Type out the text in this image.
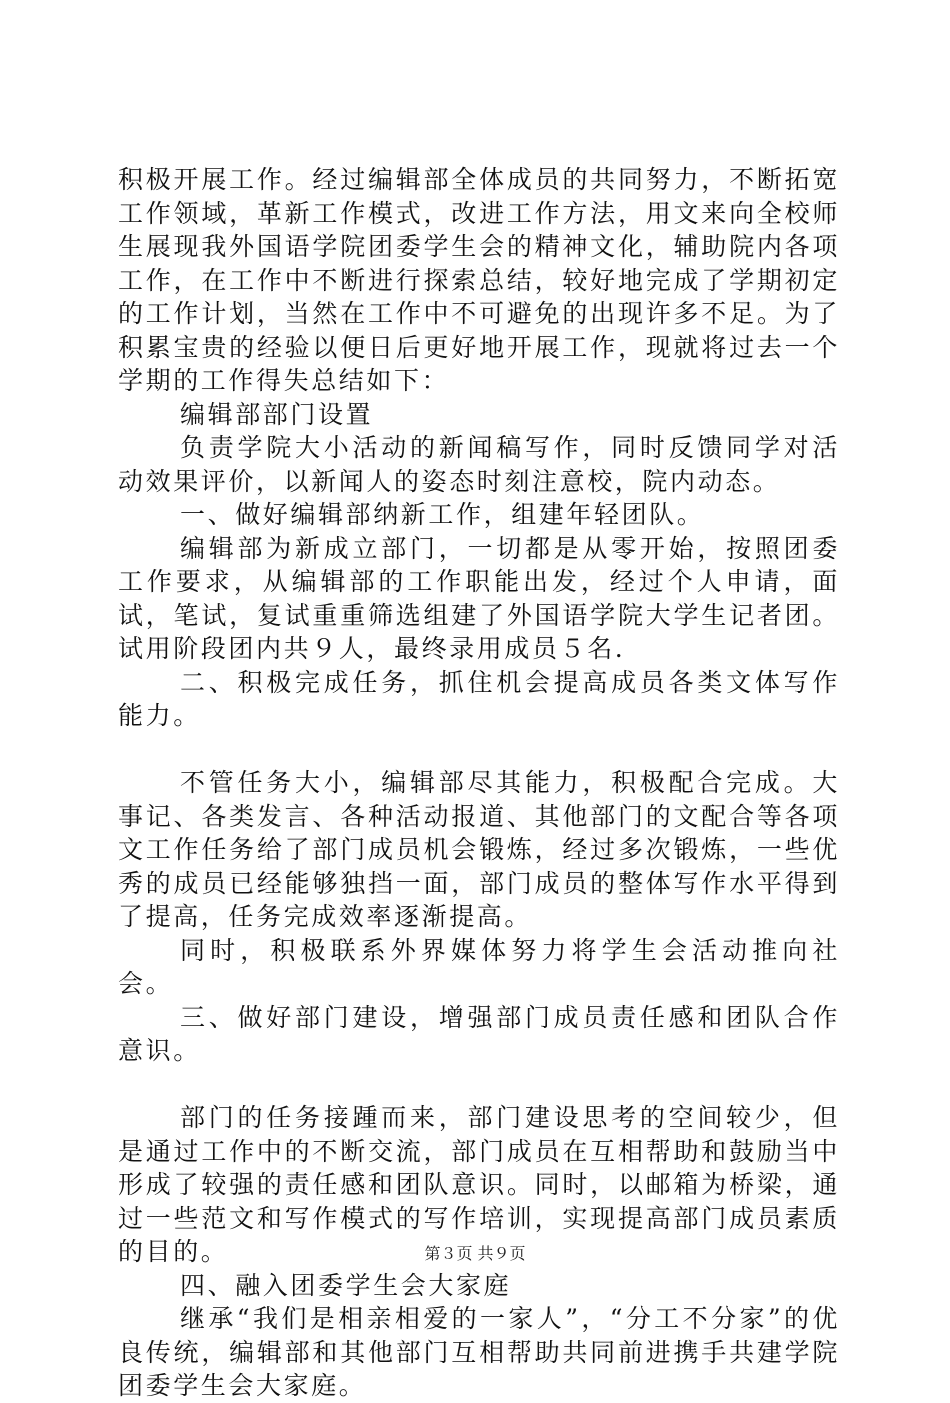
积极开展工作。经过编辑部全体成员的共同努力，不断拓宽工作领域，革新工作模式，改进工作方法，用文来向全校师生展现我外国语学院团委学生会的精神文化，辅助院内各项工作，在工作中不断进行探索总结，较好地完成了学期初定的工作计划，当然在工作中不可避免的出现许多不足。为了积累宝贵的经验以便日后更好地开展工作，现就将过去一个学期的工作得失总结如下：

编辑部部门设置

负责学院大小活动的新闻稿写作，同时反馈同学对活动效果评价，以新闻人的姿态时刻注意校，院内动态。

一、做好编辑部纳新工作，组建年轻团队。

编辑部为新成立部门，一切都是从零开始，按照团委工作要求，从编辑部的工作职能出发，经过个人申请，面试，笔试，复试重重筛选组建了外国语学院大学生记者团。试用阶段团内共９人，最终录用成员５名.

二、积极完成任务，抓住机会提高成员各类文体写作能力。

不管任务大小，编辑部尽其能力，积极配合完成。大事记、各类发言、各种活动报道、其他部门的文配合等各项文工作任务给了部门成员机会锻炼，经过多次锻炼，一些优秀的成员已经能够独挡一面，部门成员的整体写作水平得到了提高，任务完成效率逐渐提高。

同时，积极联系外界媒体努力将学生会活动推向社会。

三、做好部门建设，增强部门成员责任感和团队合作意识。

部门的任务接踵而来，部门建设思考的空间较少，但是通过工作中的不断交流，部门成员在互相帮助和鼓励当中形成了较强的责任感和团队意识。同时，以邮箱为桥梁，通过一些范文和写作模式的写作培训，实现提高部门成员素质的目的。

四、融入团委学生会大家庭

继承“我们是相亲相爱的一家人”，“分工不分家”的优良传统，编辑部和其他部门互相帮助共同前进携手共建学院团委学生会大家庭。

第３页 共９页
